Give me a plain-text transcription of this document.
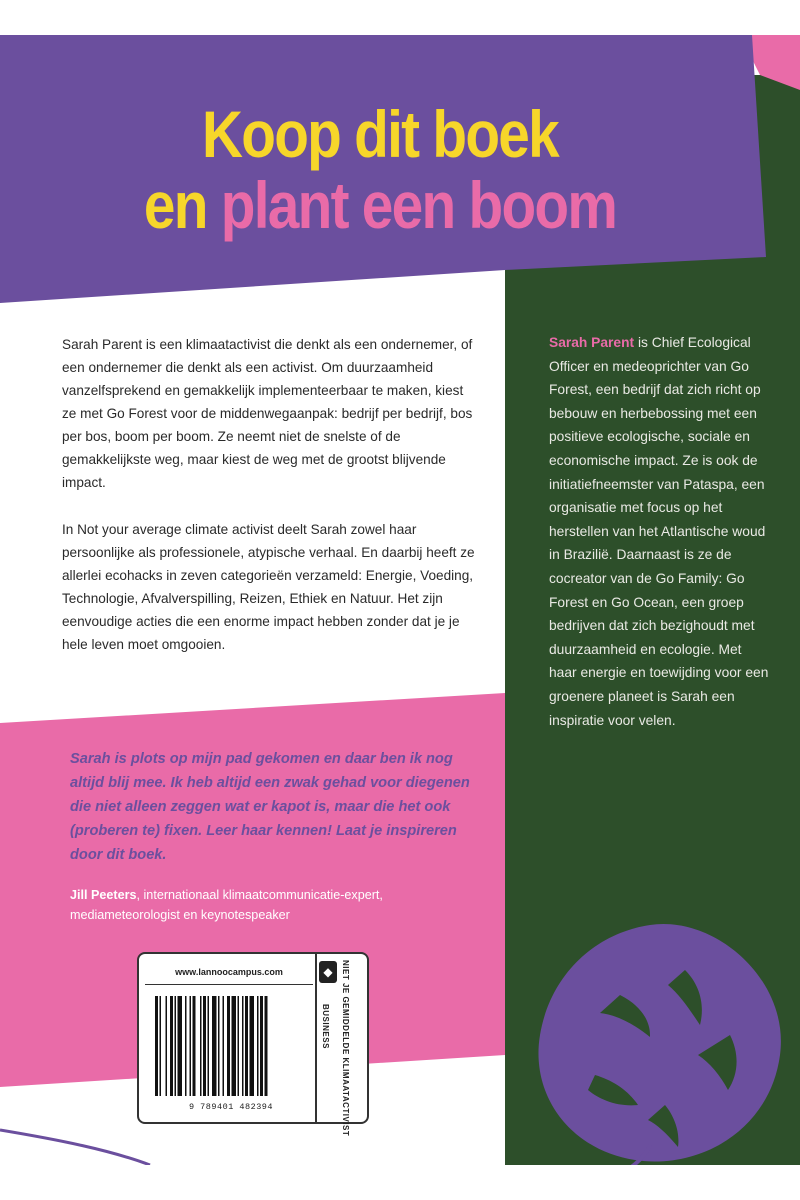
Koop dit boek
en plant een boom

Sarah Parent is een klimaatactivist die denkt als een ondernemer, of een ondernemer die denkt als een activist. Om duurzaamheid vanzelfsprekend en gemakkelijk implementeerbaar te maken, kiest ze met Go Forest voor de middenwegaanpak: bedrijf per bedrijf, bos per bos, boom per boom. Ze neemt niet de snelste of de gemakkelijkste weg, maar kiest de weg met de grootst blijvende impact.

In Not your average climate activist deelt Sarah zowel haar persoonlijke als professionele, atypische verhaal. En daarbij heeft ze allerlei ecohacks in zeven categorieën verzameld: Energie, Voeding, Technologie, Afvalverspilling, Reizen, Ethiek en Natuur. Het zijn eenvoudige acties die een enorme impact hebben zonder dat je je hele leven moet omgooien.

Sarah Parent is Chief Ecological Officer en medeoprichter van Go Forest, een bedrijf dat zich richt op bebouw en herbebossing met een positieve ecologische, sociale en economische impact. Ze is ook de initiatiefneemster van Pataspa, een organisatie met focus op het herstellen van het Atlantische woud in Brazilië. Daarnaast is ze de cocreator van de Go Family: Go Forest en Go Ocean, een groep bedrijven dat zich bezighoudt met duurzaamheid en ecologie. Met haar energie en toewijding voor een groenere planeet is Sarah een inspiratie voor velen.
Sarah is plots op mijn pad gekomen en daar ben ik nog altijd blij mee. Ik heb altijd een zwak gehad voor diegenen die niet alleen zeggen wat er kapot is, maar die het ook (proberen te) fixen. Leer haar kennen! Laat je inspireren door dit boek.
Jill Peeters, internationaal klimaatcommunicatie-expert, mediameteorologist en keynotespeaker
www.lannoocampus.com	◆	NIET JE GEMIDDELDE KLIMAATACTIVIST
BUSINESS
9 789401 482394
